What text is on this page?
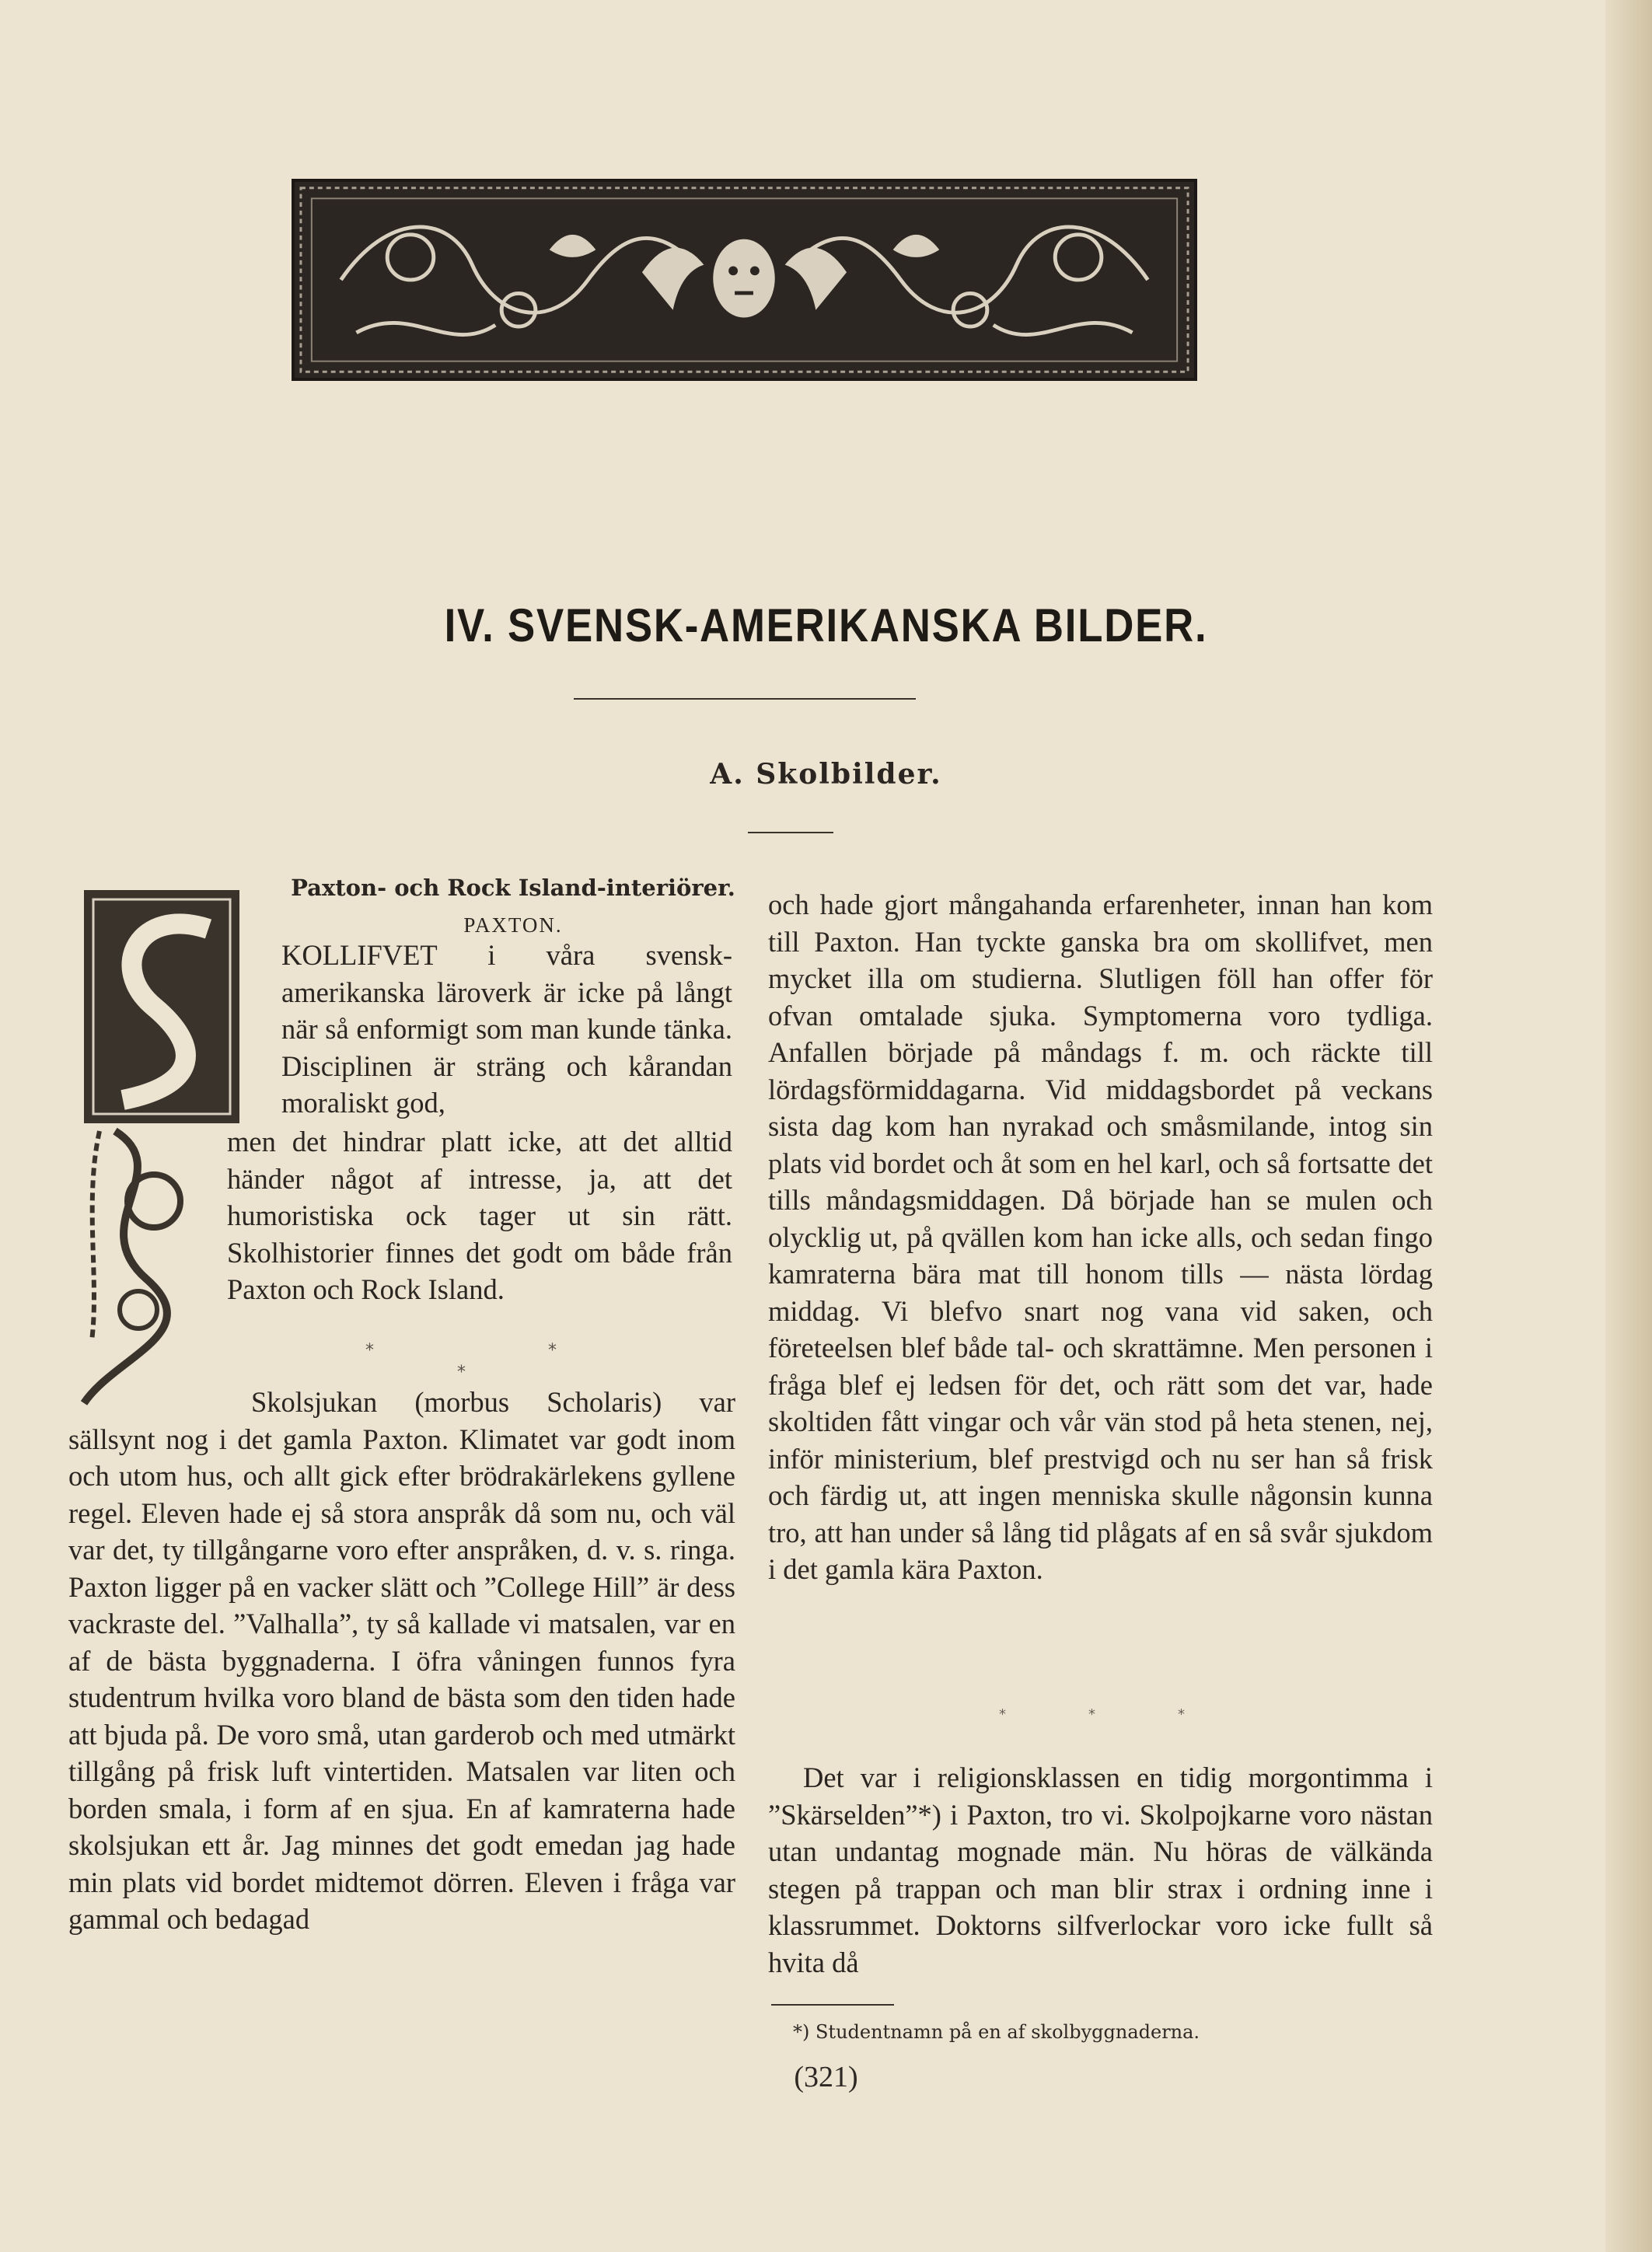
IV. SVENSK-AMERIKANSKA BILDER.
A. Skolbilder.
Paxton- och Rock Island-interiörer.
PAXTON.
KOLLIFVET i våra svensk-amerikanska läroverk är icke på långt när så enformigt som man kunde tänka. Disciplinen är sträng och kårandan moraliskt god,
men det hindrar platt icke, att det alltid händer något af intresse, ja, att det humoristiska ock tager ut sin rätt. Skolhistorier finnes det godt om både från Paxton och Rock Island.
*	*
*
Skolsjukan (morbus Scholaris) var sällsynt nog i det gamla Paxton. Klimatet var godt inom och utom hus, och allt gick efter brödrakärlekens gyllene regel. Eleven hade ej så stora anspråk då som nu, och väl var det, ty tillgångarne voro efter anspråken, d. v. s. ringa. Paxton ligger på en vacker slätt och ”College Hill” är dess vackraste del. ”Valhalla”, ty så kallade vi matsalen, var en af de bästa byggnaderna. I öfra våningen funnos fyra studentrum hvilka voro bland de bästa som den tiden hade att bjuda på. De voro små, utan garderob och med utmärkt tillgång på frisk luft vintertiden. Matsalen var liten och borden smala, i form af en sjua. En af kamraterna hade skolsjukan ett år. Jag minnes det godt emedan jag hade min plats vid bordet midtemot dörren. Eleven i fråga var gammal och bedagad

och hade gjort mångahanda erfarenheter, innan han kom till Paxton. Han tyckte ganska bra om skollifvet, men mycket illa om studierna. Slutligen föll han offer för ofvan omtalade sjuka. Symptomerna voro tydliga. Anfallen började på måndags f. m. och räckte till lördagsförmiddagarna. Vid middagsbordet på veckans sista dag kom han nyrakad och småsmilande, intog sin plats vid bordet och åt som en hel karl, och så fortsatte det tills måndagsmiddagen. Då började han se mulen och olycklig ut, på qvällen kom han icke alls, och sedan fingo kamraterna bära mat till honom tills — nästa lördag middag. Vi blefvo snart nog vana vid saken, och företeelsen blef både tal- och skrattämne. Men personen i fråga blef ej ledsen för det, och rätt som det var, hade skoltiden fått vingar och vår vän stod på heta stenen, nej, inför ministerium, blef prestvigd och nu ser han så frisk och färdig ut, att ingen menniska skulle någonsin kunna tro, att han under så lång tid plågats af en så svår sjukdom i det gamla kära Paxton.

*	*	*
Det var i religionsklassen en tidig morgontimma i ”Skärselden”*) i Paxton, tro vi. Skolpojkarne voro nästan utan undantag mognade män. Nu höras de välkända stegen på trappan och man blir strax i ordning inne i klassrummet. Doktorns silfverlockar voro icke fullt så hvita då
*) Studentnamn på en af skolbyggnaderna.
(321)
